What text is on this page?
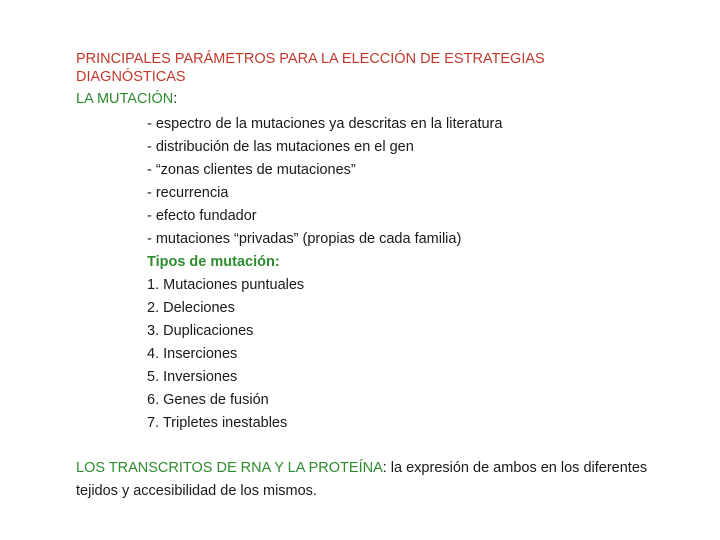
PRINCIPALES PARÁMETROS PARA LA ELECCIÓN DE ESTRATEGIAS
DIAGNÓSTICAS
LA MUTACIÓN:
- espectro de la mutaciones ya descritas en la literatura
- distribución de las mutaciones en el gen
- “zonas clientes de mutaciones”
- recurrencia
- efecto fundador
- mutaciones “privadas” (propias de cada familia)
Tipos de mutación:
1. Mutaciones puntuales
2. Deleciones
3. Duplicaciones
4. Inserciones
5. Inversiones
6. Genes de fusión
7. Tripletes inestables
LOS TRANSCRITOS DE RNA Y LA PROTEÍNA: la expresión de ambos en los diferentes tejidos y accesibilidad de los mismos.
